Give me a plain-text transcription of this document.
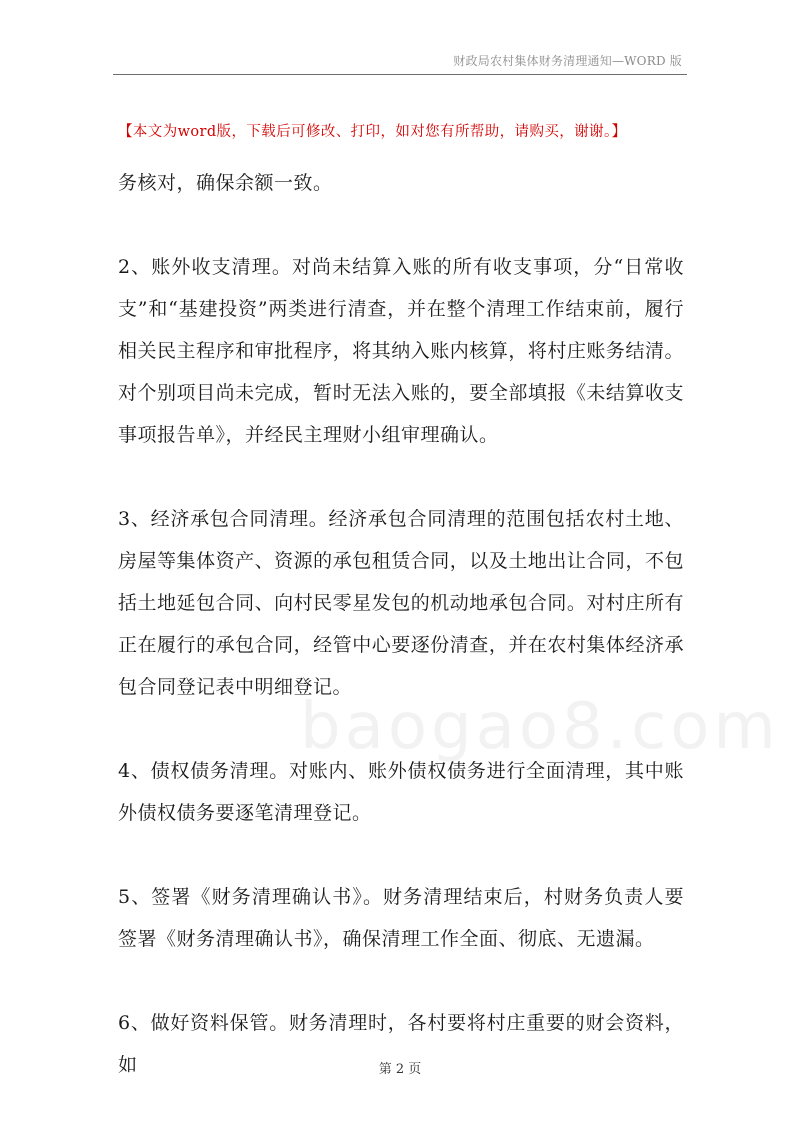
财政局农村集体财务清理通知—WORD 版
【本文为word版，下载后可修改、打印，如对您有所帮助，请购买，谢谢。】
baogao8.com

务核对，确保余额一致。

2、账外收支清理。对尚未结算入账的所有收支事项，分“日常收支”和“基建投资”两类进行清查，并在整个清理工作结束前，履行相关民主程序和审批程序，将其纳入账内核算，将村庄账务结清。对个别项目尚未完成，暂时无法入账的，要全部填报《未结算收支事项报告单》，并经民主理财小组审理确认。

3、经济承包合同清理。经济承包合同清理的范围包括农村土地、房屋等集体资产、资源的承包租赁合同，以及土地出让合同，不包括土地延包合同、向村民零星发包的机动地承包合同。对村庄所有正在履行的承包合同，经管中心要逐份清查，并在农村集体经济承包合同登记表中明细登记。

4、债权债务清理。对账内、账外债权债务进行全面清理，其中账外债权债务要逐笔清理登记。

5、签署《财务清理确认书》。财务清理结束后，村财务负责人要签署《财务清理确认书》，确保清理工作全面、彻底、无遗漏。

6、做好资料保管。财务清理时，各村要将村庄重要的财会资料，如	第 2 页
